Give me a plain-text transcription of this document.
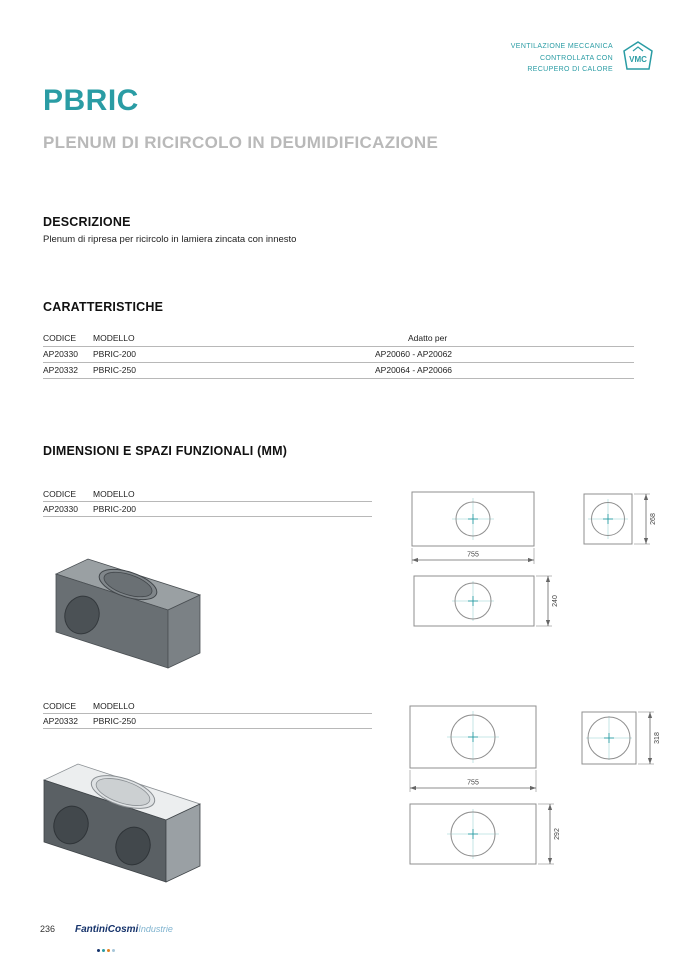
VENTILAZIONE MECCANICA
CONTROLLATA CON
RECUPERO DI CALORE
VMC
PBRIC
PLENUM DI RICIRCOLO IN DEUMIDIFICAZIONE
DESCRIZIONE
Plenum di ripresa per ricircolo in lamiera zincata con innesto
CARATTERISTICHE
CODICE	MODELLO	Adatto per
AP20330	PBRIC-200	AP20060 - AP20062
AP20332	PBRIC-250	AP20064 - AP20066
DIMENSIONI E SPAZI FUNZIONALI (MM)
CODICE	MODELLO
AP20330	PBRIC-200
755
268
240
CODICE	MODELLO
AP20332	PBRIC-250
755
318
292
236 FantiniCosmiIndustrie
